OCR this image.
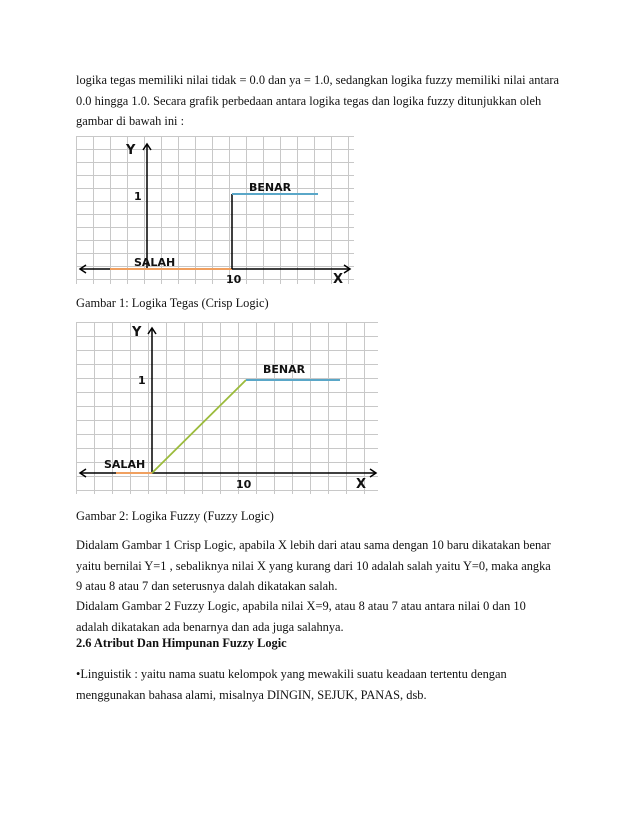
logika tegas memiliki nilai tidak = 0.0 dan ya = 1.0, sedangkan logika fuzzy memiliki nilai antara
0.0 hingga 1.0. Secara grafik perbedaan antara logika tegas dan logika fuzzy ditunjukkan oleh
gambar di bawah ini :
Y
1
BENAR
SALAH
10	X
Gambar 1: Logika Tegas (Crisp Logic)
Y
1
BENAR
SALAH
10	X
Gambar 2: Logika Fuzzy (Fuzzy Logic)
Didalam Gambar 1 Crisp Logic, apabila X lebih dari atau sama dengan 10 baru dikatakan benar
yaitu bernilai Y=1 , sebaliknya nilai X yang kurang dari 10 adalah salah yaitu Y=0, maka angka
9 atau 8 atau 7 dan seterusnya dalah dikatakan salah.
Didalam Gambar 2 Fuzzy Logic, apabila nilai X=9, atau 8 atau 7 atau antara nilai 0 dan 10
adalah dikatakan ada benarnya dan ada juga salahnya.
2.6 Atribut Dan Himpunan Fuzzy Logic
•Linguistik : yaitu nama suatu kelompok yang mewakili suatu keadaan tertentu dengan
menggunakan bahasa alami, misalnya DINGIN, SEJUK, PANAS, dsb.
